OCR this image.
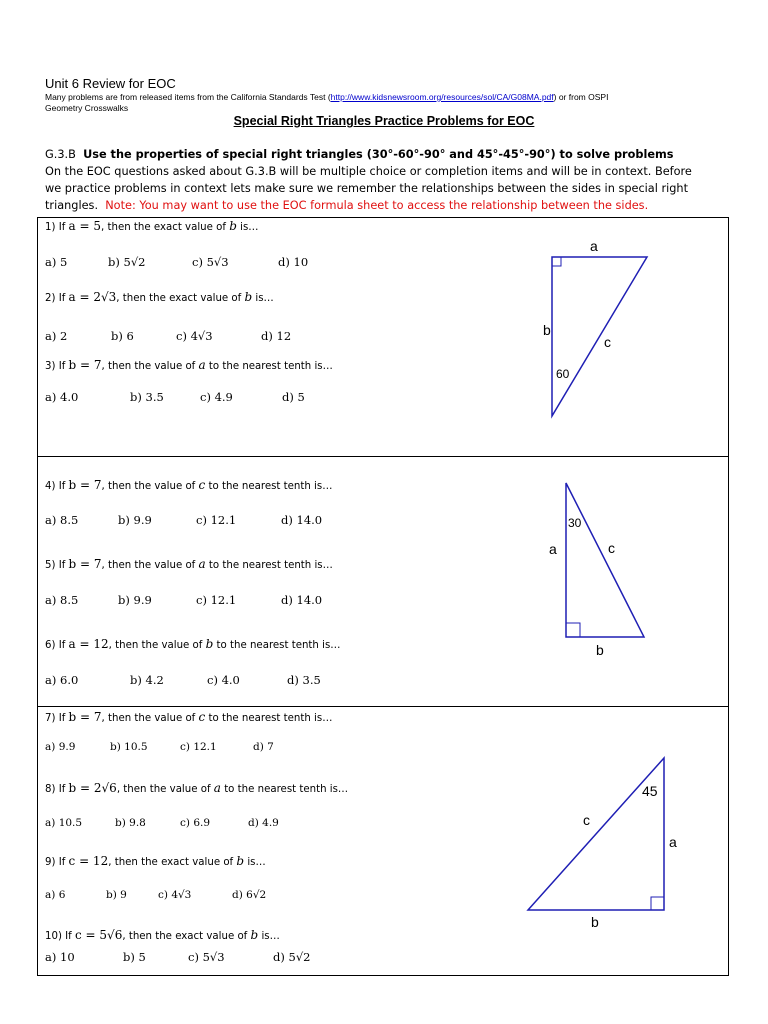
Unit 6 Review for EOC
Many problems are from released items from the California Standards Test (http://www.kidsnewsroom.org/resources/sol/CA/G08MA.pdf) or from OSPI
Geometry Crosswalks
Special Right Triangles Practice Problems for EOC
G.3.B Use the properties of special right triangles (30°-60°-90° and 45°-45°-90°) to solve problems
On the EOC questions asked about G.3.B will be multiple choice or completion items and will be in context. Before
we practice problems in context lets make sure we remember the relationships between the sides in special right
triangles. Note: You may want to use the EOC formula sheet to access the relationship between the sides.
1) If a = 5, then the exact value of b is…
a) 5	b) 5√2	c) 5√3	d) 10
2) If a = 2√3, then the exact value of b is…
a) 2	b) 6	c) 4√3	d) 12
3) If b = 7, then the value of a to the nearest tenth is…
a) 4.0	b) 3.5	c) 4.9	d) 5
4) If b = 7, then the value of c to the nearest tenth is…
a) 8.5	b) 9.9	c) 12.1	d) 14.0
5) If b = 7, then the value of a to the nearest tenth is…
a) 8.5	b) 9.9	c) 12.1	d) 14.0
6) If a = 12, then the value of b to the nearest tenth is…
a) 6.0	b) 4.2	c) 4.0	d) 3.5
7) If b = 7, then the value of c to the nearest tenth is…
a) 9.9	b) 10.5	c) 12.1	d) 7
8) If b = 2√6, then the value of a to the nearest tenth is…
a) 10.5	b) 9.8	c) 6.9	d) 4.9
9) If c = 12, then the exact value of b is…
a) 6	b) 9	c) 4√3	d) 6√2
10) If c = 5√6, then the exact value of b is…
a) 10	b) 5	c) 5√3	d) 5√2
a
b
c
60
a	c
b
30
45
c
a
b
